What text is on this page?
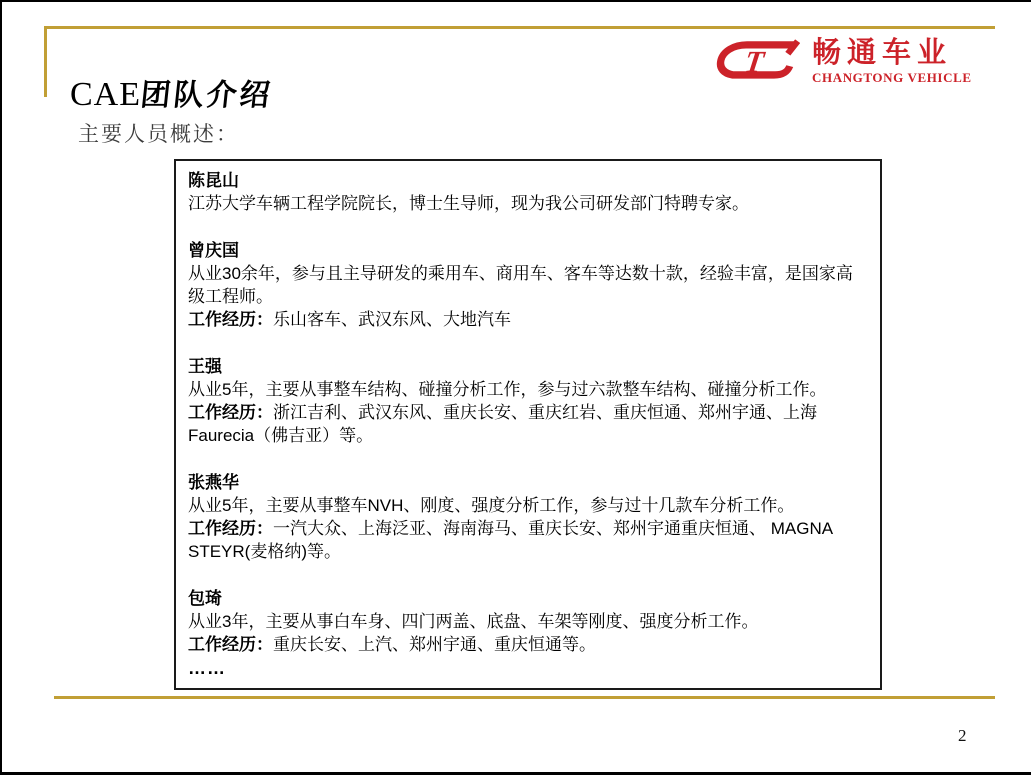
CAE团队介绍
主要人员概述：
T 畅通车业
CHANGTONG VEHICLE
陈昆山
江苏大学车辆工程学院院长，博士生导师，现为我公司研发部门特聘专家。
曾庆国
从业30余年，参与且主导研发的乘用车、商用车、客车等达数十款，经验丰富，是国家高级工程师。
工作经历：乐山客车、武汉东风、大地汽车
王强
从业5年，主要从事整车结构、碰撞分析工作，参与过六款整车结构、碰撞分析工作。
工作经历：浙江吉利、武汉东风、重庆长安、重庆红岩、重庆恒通、郑州宇通、上海Faurecia（佛吉亚）等。
张燕华
从业5年，主要从事整车NVH、刚度、强度分析工作，参与过十几款车分析工作。
工作经历：一汽大众、上海泛亚、海南海马、重庆长安、郑州宇通重庆恒通、 MAGNA STEYR(麦格纳)等。
包琦
从业3年，主要从事白车身、四门两盖、底盘、车架等刚度、强度分析工作。
工作经历：重庆长安、上汽、郑州宇通、重庆恒通等。
……
2
